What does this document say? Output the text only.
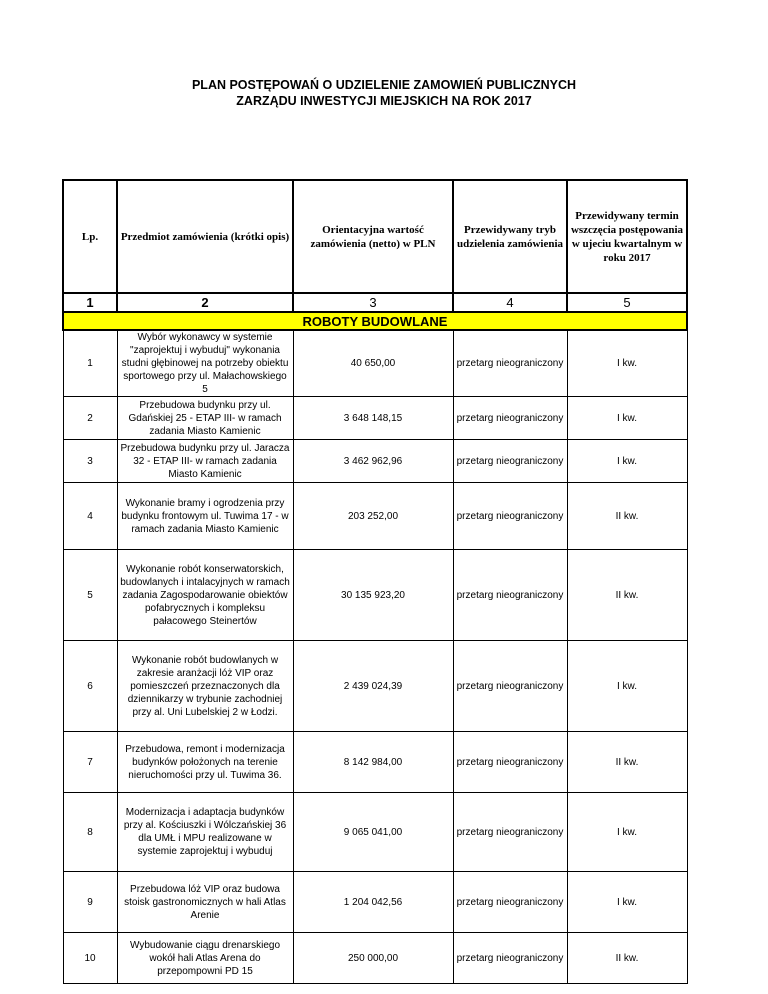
PLAN POSTĘPOWAŃ O UDZIELENIE ZAMOWIEŃ PUBLICZNYCH
ZARZĄDU INWESTYCJI MIEJSKICH NA ROK 2017
Lp.	Przedmiot zamówienia (krótki opis)	Orientacyjna wartość zamówienia (netto) w PLN	Przewidywany tryb udzielenia zamówienia	Przewidywany termin wszczęcia postępowania w ujeciu kwartalnym w roku 2017
1	2	3	4	5
ROBOTY BUDOWLANE				
1	Wybór wykonawcy w systemie "zaprojektuj i wybuduj" wykonania studni głębinowej na potrzeby obiektu sportowego przy ul. Małachowskiego 5	40 650,00	przetarg nieograniczony	I kw.
2	Przebudowa budynku przy ul. Gdańskiej 25 - ETAP III- w ramach zadania Miasto Kamienic	3 648 148,15	przetarg nieograniczony	I kw.
3	Przebudowa budynku przy ul. Jaracza 32 - ETAP III- w ramach zadania Miasto Kamienic	3 462 962,96	przetarg nieograniczony	I kw.
4	Wykonanie bramy i ogrodzenia przy budynku frontowym ul. Tuwima 17 - w ramach zadania Miasto Kamienic	203 252,00	przetarg nieograniczony	II kw.
5	Wykonanie robót konserwatorskich, budowlanych i intalacyjnych w ramach zadania Zagospodarowanie obiektów pofabrycznych i kompleksu pałacowego Steinertów	30 135 923,20	przetarg nieograniczony	II kw.
6	Wykonanie robót budowlanych w zakresie aranżacji lóż VIP oraz pomieszczeń przeznaczonych dla dziennikarzy w trybunie zachodniej przy al. Uni Lubelskiej 2 w Łodzi.	2 439 024,39	przetarg nieograniczony	I kw.
7	Przebudowa, remont i modernizacja budynków położonych na terenie nieruchomości przy ul. Tuwima 36.	8 142 984,00	przetarg nieograniczony	II kw.
8	Modernizacja i adaptacja budynków przy al. Kościuszki i Wólczańskiej 36 dla UMŁ i MPU realizowane w systemie zaprojektuj i wybuduj	9 065 041,00	przetarg nieograniczony	I kw.
9	Przebudowa lóż VIP oraz budowa stoisk gastronomicznych w hali Atlas Arenie	1 204 042,56	przetarg nieograniczony	I kw.
10	Wybudowanie ciągu drenarskiego wokół hali Atlas Arena do przepompowni PD 15	250 000,00	przetarg nieograniczony	II kw.
